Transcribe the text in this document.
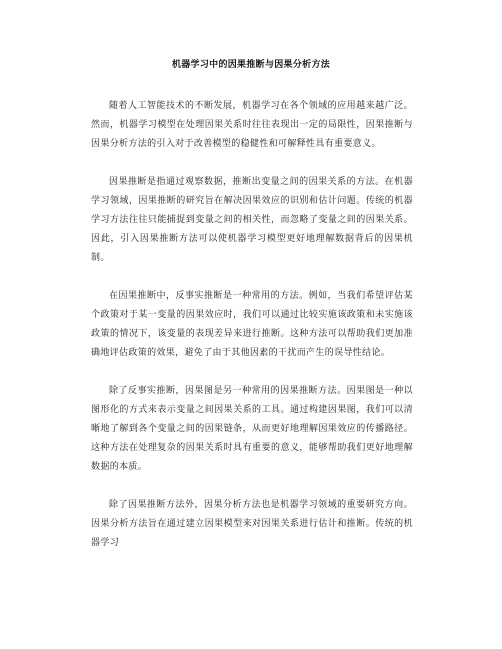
机器学习中的因果推断与因果分析方法

随着人工智能技术的不断发展，机器学习在各个领域的应用越来越广泛。然而，机器学习模型在处理因果关系时往往表现出一定的局限性，因果推断与因果分析方法的引入对于改善模型的稳健性和可解释性具有重要意义。

因果推断是指通过观察数据，推断出变量之间的因果关系的方法。在机器学习领域，因果推断的研究旨在解决因果效应的识别和估计问题。传统的机器学习方法往往只能捕捉到变量之间的相关性，而忽略了变量之间的因果关系。因此，引入因果推断方法可以使机器学习模型更好地理解数据背后的因果机制。

在因果推断中，反事实推断是一种常用的方法。例如，当我们希望评估某个政策对于某一变量的因果效应时，我们可以通过比较实施该政策和未实施该政策的情况下，该变量的表现差异来进行推断。这种方法可以帮助我们更加准确地评估政策的效果，避免了由于其他因素的干扰而产生的误导性结论。

除了反事实推断，因果图是另一种常用的因果推断方法。因果图是一种以图形化的方式来表示变量之间因果关系的工具。通过构建因果图，我们可以清晰地了解到各个变量之间的因果链条，从而更好地理解因果效应的传播路径。这种方法在处理复杂的因果关系时具有重要的意义，能够帮助我们更好地理解数据的本质。

除了因果推断方法外，因果分析方法也是机器学习领域的重要研究方向。因果分析方法旨在通过建立因果模型来对因果关系进行估计和推断。传统的机器学习
